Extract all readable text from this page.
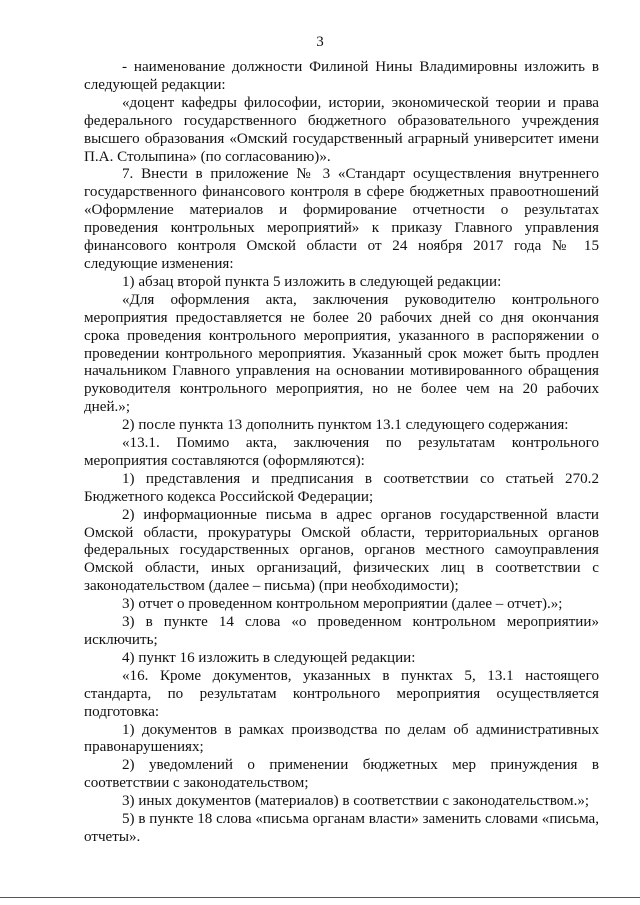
3

- наименование должности Филиной Нины Владимировны изложить в следующей редакции:

«доцент кафедры философии, истории, экономической теории и права федерального государственного бюджетного образовательного учреждения высшего образования «Омский государственный аграрный университет имени П.А. Столыпина» (по согласованию)».

7. Внести в приложение № 3 «Стандарт осуществления внутреннего государственного финансового контроля в сфере бюджетных правоотношений «Оформление материалов и формирование отчетности о результатах проведения контрольных мероприятий» к приказу Главного управления финансового контроля Омской области от 24 ноября 2017 года № 15 следующие изменения:

1) абзац второй пункта 5 изложить в следующей редакции:

«Для оформления акта, заключения руководителю контрольного мероприятия предоставляется не более 20 рабочих дней со дня окончания срока проведения контрольного мероприятия, указанного в распоряжении о проведении контрольного мероприятия. Указанный срок может быть продлен начальником Главного управления на основании мотивированного обращения руководителя контрольного мероприятия, но не более чем на 20 рабочих дней.»;

2) после пункта 13 дополнить пунктом 13.1 следующего содержания:

«13.1. Помимо акта, заключения по результатам контрольного мероприятия составляются (оформляются):

1) представления и предписания в соответствии со статьей 270.2 Бюджетного кодекса Российской Федерации;

2) информационные письма в адрес органов государственной власти Омской области, прокуратуры Омской области, территориальных органов федеральных государственных органов, органов местного самоуправления Омской области, иных организаций, физических лиц в соответствии с законодательством (далее – письма) (при необходимости);

3) отчет о проведенном контрольном мероприятии (далее – отчет).»;

3) в пункте 14 слова «о проведенном контрольном мероприятии» исключить;

4) пункт 16 изложить в следующей редакции:

«16. Кроме документов, указанных в пунктах 5, 13.1 настоящего стандарта, по результатам контрольного мероприятия осуществляется подготовка:

1) документов в рамках производства по делам об административных правонарушениях;

2) уведомлений о применении бюджетных мер принуждения в соответствии с законодательством;

3) иных документов (материалов) в соответствии с законодательством.»;

5) в пункте 18 слова «письма органам власти» заменить словами «письма, отчеты».
